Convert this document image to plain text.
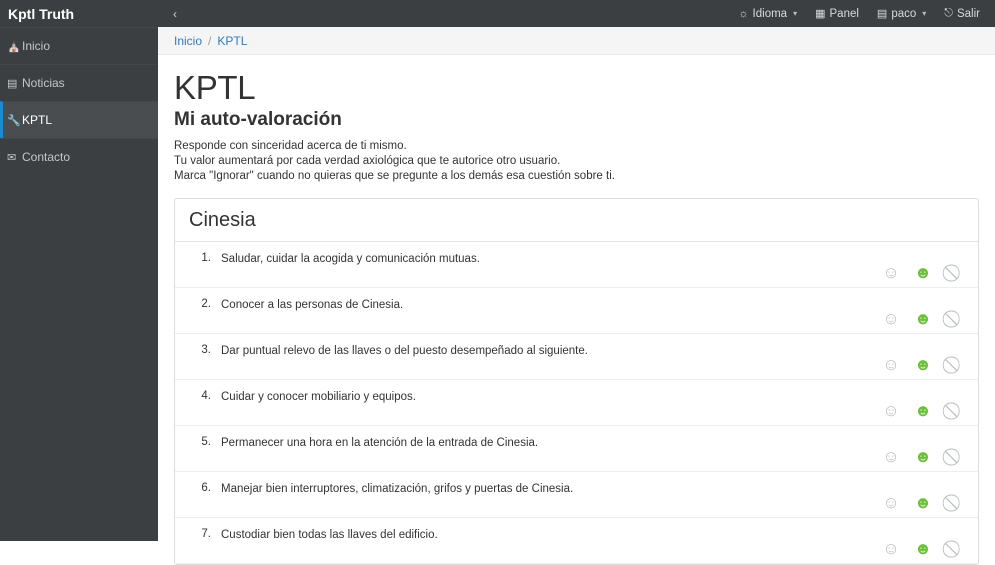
Kptl Truth
⛪ Inicio
▤ Noticias
🔧 KPTL
✉ Contacto
‹	☼ Idioma ▾ ▦ Panel ▤ paco ▾ ⎋ Salir
Inicio / KPTL
KPTL
Mi auto-valoración
Responde con sinceridad acerca de ti mismo.
Tu valor aumentará por cada verdad axiológica que te autorice otro usuario.
Marca "Ignorar" cuando no quieras que se pregunte a los demás esa cuestión sobre ti.
Cinesia
1. Saludar, cuidar la acogida y comunicación mutuas.
☺ ☻
2. Conocer a las personas de Cinesia.
☺ ☻
3. Dar puntual relevo de las llaves o del puesto desempeñado al siguiente.
☺ ☻
4. Cuidar y conocer mobiliario y equipos.
☺ ☻
5. Permanecer una hora en la atención de la entrada de Cinesia.
☺ ☻
6. Manejar bien interruptores, climatización, grifos y puertas de Cinesia.
☺ ☻
7. Custodiar bien todas las llaves del edificio.
☺ ☻
